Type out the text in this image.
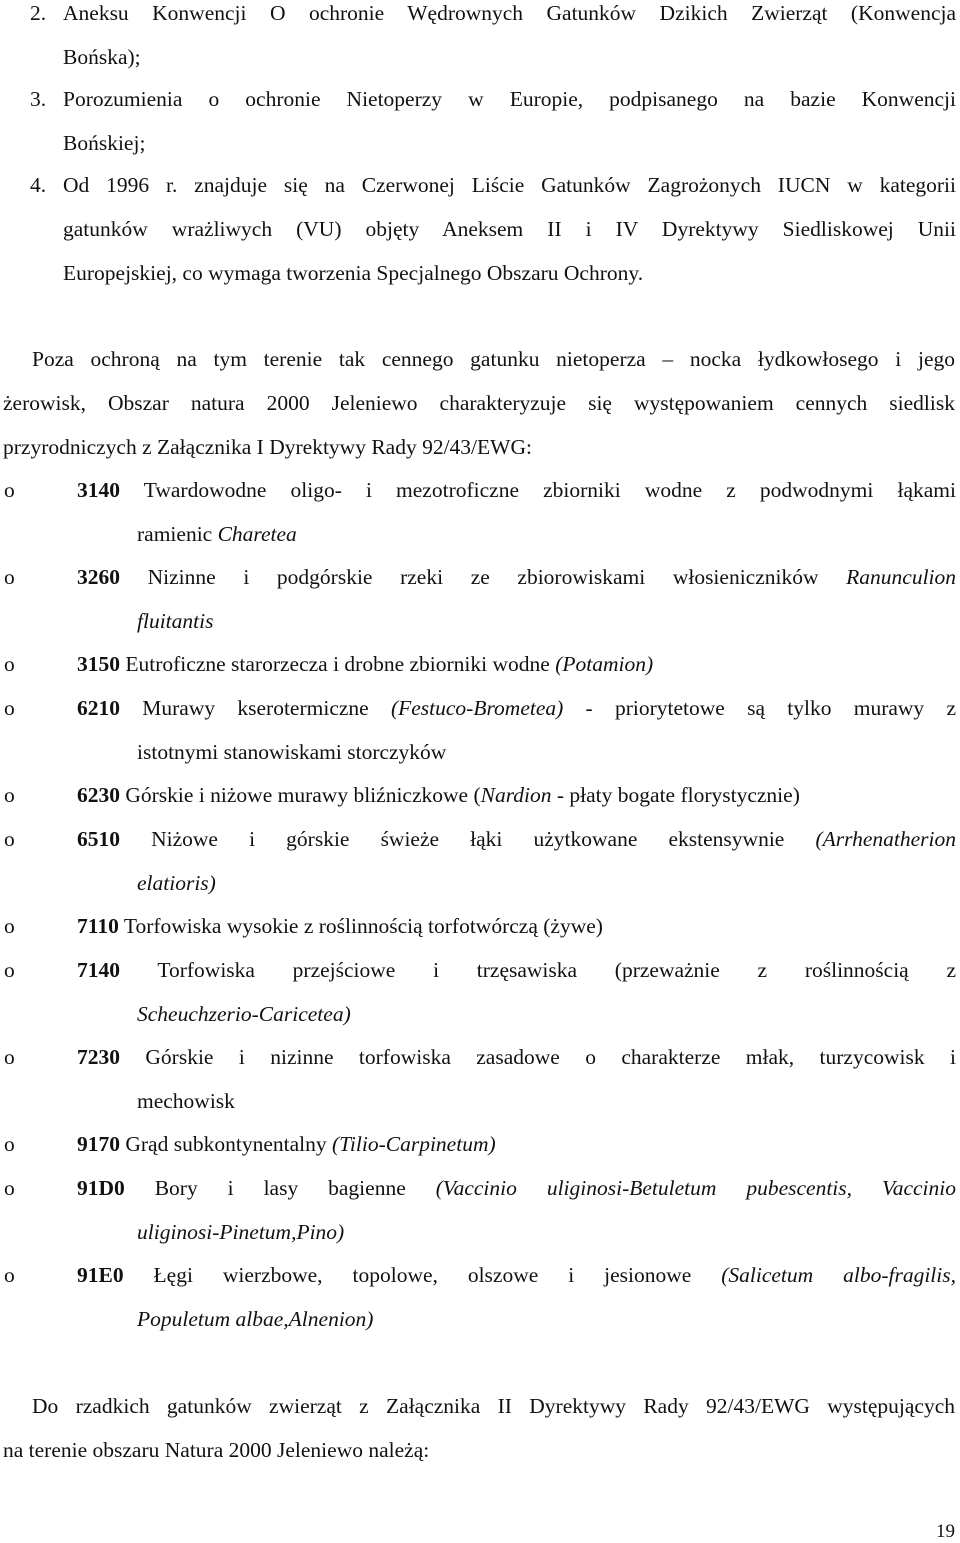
2. Aneksu Konwencji O ochronie Wędrownych Gatunków Dzikich Zwierząt (Konwencja
Bońska);
3. Porozumienia o ochronie Nietoperzy w Europie, podpisanego na bazie Konwencji
Bońskiej;
4. Od 1996 r. znajduje się na Czerwonej Liście Gatunków Zagrożonych IUCN w kategorii
gatunków wrażliwych (VU) objęty Aneksem II i IV Dyrektywy Siedliskowej Unii
Europejskiej, co wymaga tworzenia Specjalnego Obszaru Ochrony.
Poza ochroną na tym terenie tak cennego gatunku nietoperza – nocka łydkowłosego i jego
żerowisk, Obszar natura 2000 Jeleniewo charakteryzuje się występowaniem cennych siedlisk
przyrodniczych z Załącznika I Dyrektywy Rady 92/43/EWG:
o	3140 Twardowodne oligo- i mezotroficzne zbiorniki wodne z podwodnymi łąkami
ramienic Charetea
o	3260 Nizinne i podgórskie rzeki ze zbiorowiskami włosieniczników Ranunculion
fluitantis
o	3150 Eutroficzne starorzecza i drobne zbiorniki wodne (Potamion)
o	6210 Murawy kserotermiczne (Festuco-Brometea) - priorytetowe są tylko murawy z
istotnymi stanowiskami storczyków
o	6230 Górskie i niżowe murawy bliźniczkowe (Nardion - płaty bogate florystycznie)
o	6510 Niżowe i górskie świeże łąki użytkowane ekstensywnie (Arrhenatherion
elatioris)
o	7110 Torfowiska wysokie z roślinnością torfotwórczą (żywe)
o	7140 Torfowiska przejściowe i trzęsawiska (przeważnie z roślinnością z
Scheuchzerio-Caricetea)
o	7230 Górskie i nizinne torfowiska zasadowe o charakterze młak, turzycowisk i
mechowisk
o	9170 Grąd subkontynentalny (Tilio-Carpinetum)
o	91D0 Bory i lasy bagienne (Vaccinio uliginosi-Betuletum pubescentis, Vaccinio
uliginosi-Pinetum,Pino)
o	91E0 Łęgi wierzbowe, topolowe, olszowe i jesionowe (Salicetum albo-fragilis,
Populetum albae,Alnenion)
Do rzadkich gatunków zwierząt z Załącznika II Dyrektywy Rady 92/43/EWG występujących
na terenie obszaru Natura 2000 Jeleniewo należą:
19
